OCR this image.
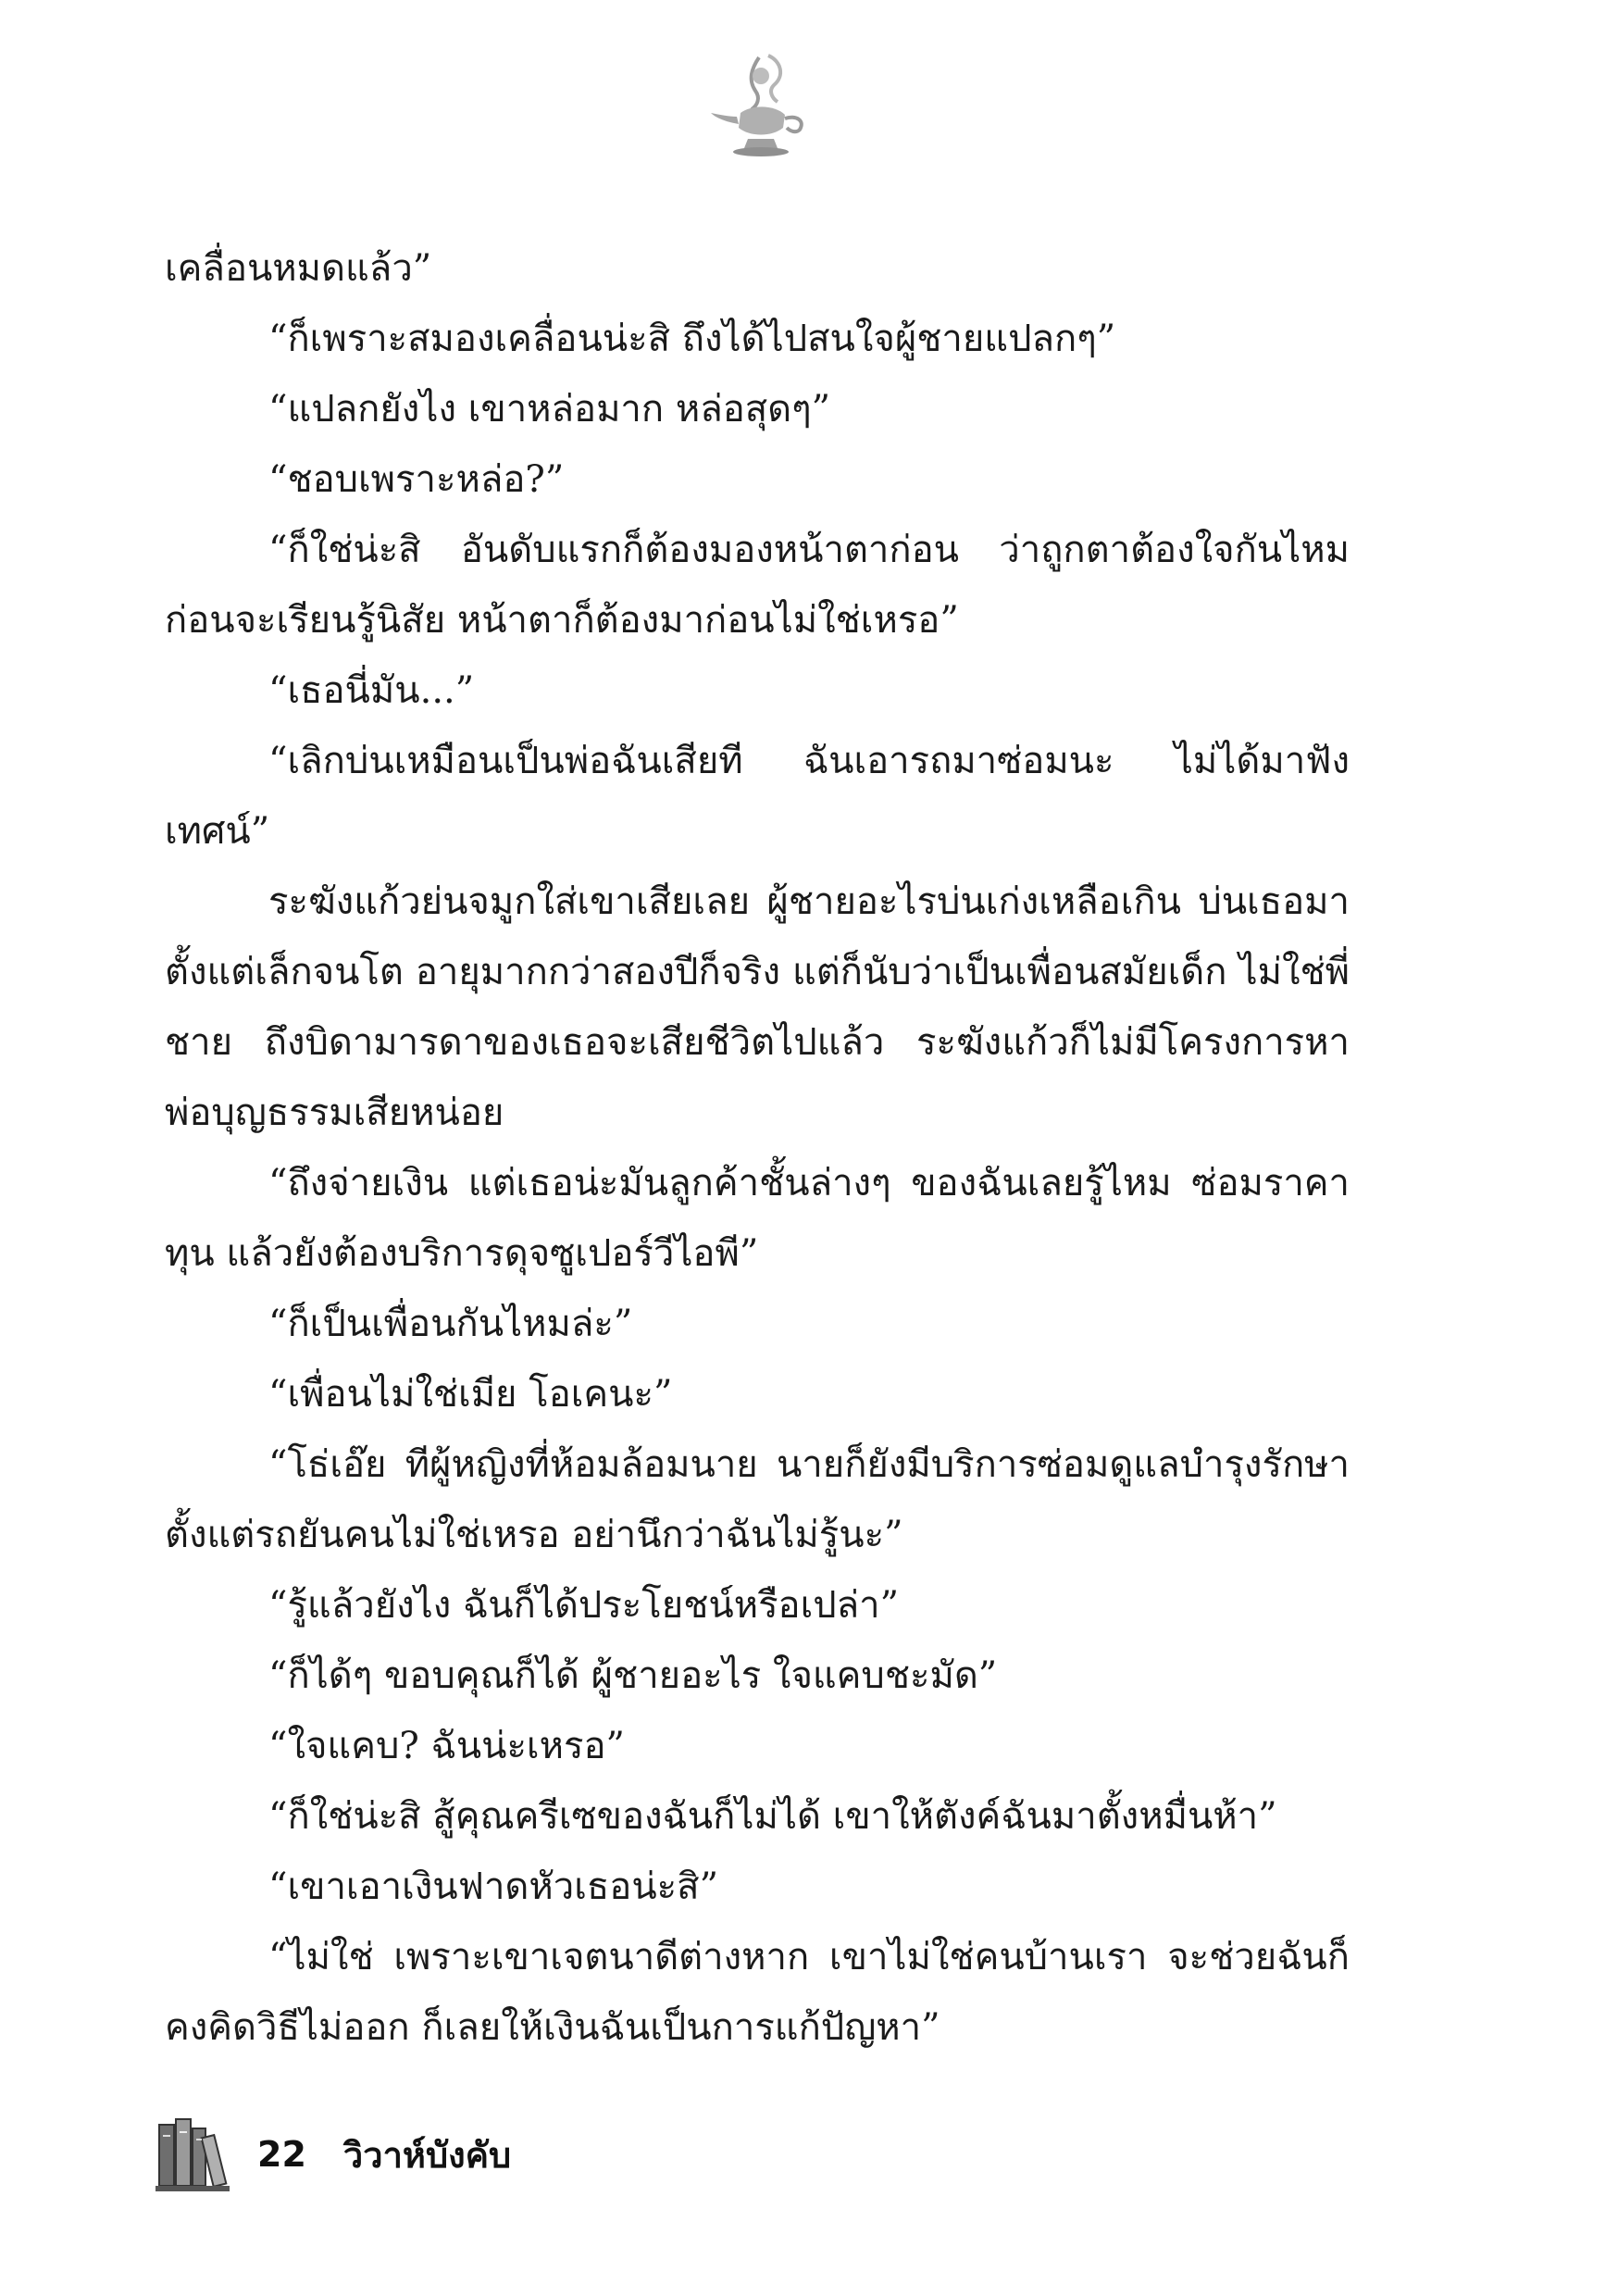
เคลื่อนหมดแล้ว”

“ก็เพราะสมองเคลื่อนน่ะสิ ถึงได้ไปสนใจผู้ชายแปลกๆ”

“แปลกยังไง เขาหล่อมาก หล่อสุดๆ”

“ชอบเพราะหล่อ?”

“ก็ใช่น่ะสิ อันดับแรกก็ต้องมองหน้าตาก่อน ว่าถูกตาต้องใจกันไหม ก่อนจะเรียนรู้นิสัย หน้าตาก็ต้องมาก่อนไม่ใช่เหรอ”

“เธอนี่มัน...”

“เลิกบ่นเหมือนเป็นพ่อฉันเสียที ฉันเอารถมาซ่อมนะ ไม่ได้มาฟังเทศน์”

ระฆังแก้วย่นจมูกใส่เขาเสียเลย ผู้ชายอะไรบ่นเก่งเหลือเกิน บ่นเธอมาตั้งแต่เล็กจนโต อายุมากกว่าสองปีก็จริง แต่ก็นับว่าเป็นเพื่อนสมัยเด็ก ไม่ใช่พี่ชาย ถึงบิดามารดาของเธอจะเสียชีวิตไปแล้ว ระฆังแก้วก็ไม่มีโครงการหาพ่อบุญธรรมเสียหน่อย

“ถึงจ่ายเงิน แต่เธอน่ะมันลูกค้าชั้นล่างๆ ของฉันเลยรู้ไหม ซ่อมราคาทุน แล้วยังต้องบริการดุจซูเปอร์วีไอพี”

“ก็เป็นเพื่อนกันไหมล่ะ”

“เพื่อนไม่ใช่เมีย โอเคนะ”

“โธ่เอ๊ย ทีผู้หญิงที่ห้อมล้อมนาย นายก็ยังมีบริการซ่อมดูแลบำรุงรักษาตั้งแต่รถยันคนไม่ใช่เหรอ อย่านึกว่าฉันไม่รู้นะ”

“รู้แล้วยังไง ฉันก็ได้ประโยชน์หรือเปล่า”

“ก็ได้ๆ ขอบคุณก็ได้ ผู้ชายอะไร ใจแคบชะมัด”

“ใจแคบ? ฉันน่ะเหรอ”

“ก็ใช่น่ะสิ สู้คุณครีเซของฉันก็ไม่ได้ เขาให้ตังค์ฉันมาตั้งหมื่นห้า”

“เขาเอาเงินฟาดหัวเธอน่ะสิ”

“ไม่ใช่ เพราะเขาเจตนาดีต่างหาก เขาไม่ใช่คนบ้านเรา จะช่วยฉันก็คงคิดวิธีไม่ออก ก็เลยให้เงินฉันเป็นการแก้ปัญหา”

22 วิวาห์บังคับ
